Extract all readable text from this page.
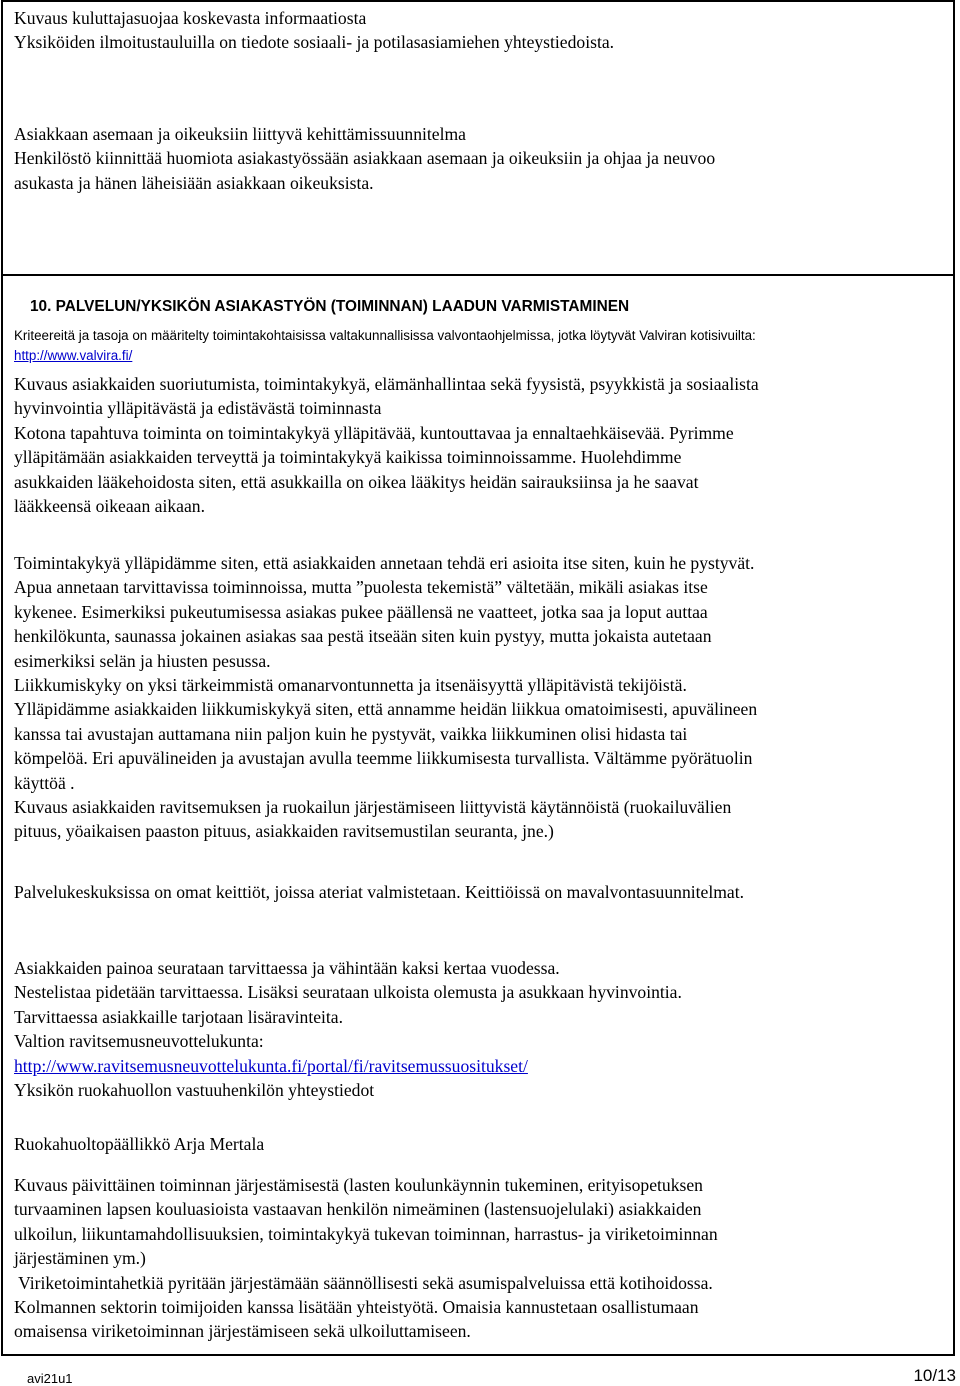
Kuvaus kuluttajasuojaa koskevasta informaatiosta
Yksiköiden ilmoitustauluilla on tiedote sosiaali- ja potilasasiamiehen yhteystiedoista.
Asiakkaan asemaan ja oikeuksiin liittyvä kehittämissuunnitelma
Henkilöstö kiinnittää huomiota asiakastyössään asiakkaan asemaan ja oikeuksiin ja ohjaa ja neuvoo
asukasta ja hänen läheisiään asiakkaan oikeuksista.
10. PALVELUN/YKSIKÖN ASIAKASTYÖN (TOIMINNAN) LAADUN VARMISTAMINEN
Kriteereitä ja tasoja on määritelty toimintakohtaisissa valtakunnallisissa valvontaohjelmissa, jotka löytyvät Valviran kotisivuilta:
http://www.valvira.fi/
Kuvaus asiakkaiden suoriutumista, toimintakykyä, elämänhallintaa sekä fyysistä, psyykkistä ja sosiaalista
hyvinvointia ylläpitävästä ja edistävästä toiminnasta
Kotona tapahtuva toiminta on toimintakykyä ylläpitävää, kuntouttavaa ja ennaltaehkäisevää. Pyrimme
ylläpitämään asiakkaiden terveyttä ja toimintakykyä kaikissa toiminnoissamme. Huolehdimme
asukkaiden lääkehoidosta siten, että asukkailla on oikea lääkitys heidän sairauksiinsa ja he saavat
lääkkeensä oikeaan aikaan.
Toimintakykyä ylläpidämme siten, että asiakkaiden annetaan tehdä eri asioita itse siten, kuin he pystyvät.
Apua annetaan tarvittavissa toiminnoissa, mutta ”puolesta tekemistä” vältetään, mikäli asiakas itse
kykenee. Esimerkiksi pukeutumisessa asiakas pukee päällensä ne vaatteet, jotka saa ja loput auttaa
henkilökunta, saunassa jokainen asiakas saa pestä itseään siten kuin pystyy, mutta jokaista autetaan
esimerkiksi selän ja hiusten pesussa.
Liikkumiskyky on yksi tärkeimmistä omanarvontunnetta ja itsenäisyyttä ylläpitävistä tekijöistä.
Ylläpidämme asiakkaiden liikkumiskykyä siten, että annamme heidän liikkua omatoimisesti, apuvälineen
kanssa tai avustajan auttamana niin paljon kuin he pystyvät, vaikka liikkuminen olisi hidasta tai
kömpelöä. Eri apuvälineiden ja avustajan avulla teemme liikkumisesta turvallista. Vältämme pyörätuolin
käyttöä .
Kuvaus asiakkaiden ravitsemuksen ja ruokailun järjestämiseen liittyvistä käytännöistä (ruokailuvälien
pituus, yöaikaisen paaston pituus, asiakkaiden ravitsemustilan seuranta, jne.)
Palvelukeskuksissa on omat keittiöt, joissa ateriat valmistetaan. Keittiöissä on mavalvontasuunnitelmat.
Asiakkaiden painoa seurataan tarvittaessa ja vähintään kaksi kertaa vuodessa.
Nestelistaa pidetään tarvittaessa. Lisäksi seurataan ulkoista olemusta ja asukkaan hyvinvointia.
Tarvittaessa asiakkaille tarjotaan lisäravinteita.
Valtion ravitsemusneuvottelukunta:
http://www.ravitsemusneuvottelukunta.fi/portal/fi/ravitsemussuositukset/
Yksikön ruokahuollon vastuuhenkilön yhteystiedot
Ruokahuoltopäällikkö Arja Mertala
Kuvaus päivittäinen toiminnan järjestämisestä (lasten koulunkäynnin tukeminen, erityisopetuksen
turvaaminen lapsen kouluasioista vastaavan henkilön nimeäminen (lastensuojelulaki) asiakkaiden
ulkoilun, liikuntamahdollisuuksien, toimintakykyä tukevan toiminnan, harrastus- ja viriketoiminnan
järjestäminen ym.)
Viriketoimintahetkiä pyritään järjestämään säännöllisesti sekä asumispalveluissa että kotihoidossa.
Kolmannen sektorin toimijoiden kanssa lisätään yhteistyötä. Omaisia kannustetaan osallistumaan
omaisensa viriketoiminnan järjestämiseen sekä ulkoiluttamiseen.
avi21u1	10/13
